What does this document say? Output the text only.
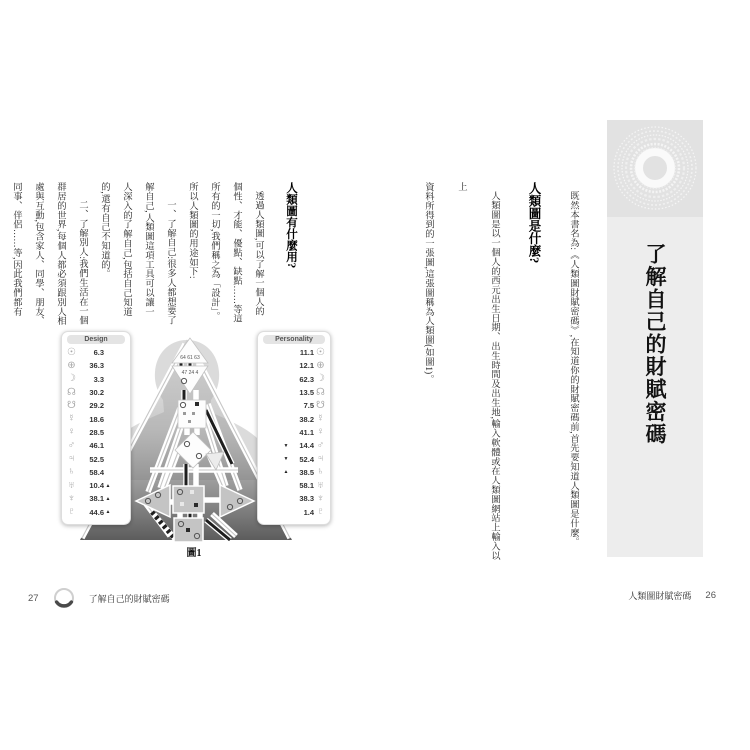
了解自己的財賦密碼
既然本書名為:《人類圖財賦密碼》,在知道你的財賦密碼前,首先要知道人類圖是什麼。
人類圖是什麼?
人類圖是以一個人的西元出生日期、出生時間及出生地,輸入軟體或在人類圖網站上輸入以上
資料所得到的一張圖,這張圖稱為人類圖(如圖1)。
人類圖有什麼用?
透過人類圖,可以了解一個人的
個性、才能、優點、缺點……等這
所有的一切,我們稱之為「設計」。
所以人類圖的用途如下:
一、了解自己:很多人都想要了
解自己,人類圖這項工具可以讓一
人深入的了解自己,包括自己知道
的,還有自己不知道的。
二、了解別人:我們生活在一個
群居的世界,每個人都必須跟別人相
處與互動,包含家人、同學、朋友、
同事、伴侶……等,因此我們都有
64 61 63
47 24 4
Design
☉	6.3
⊕	36.3
☽	3.3
☊	30.2
☋	29.2
☿	18.6
♀	28.5
♂	46.1
♃	52.5
♄	58.4
♅	10.4 ▲
♆	38.1 ▲
♇	44.6 ▲
Personality
11.1 ☉
12.1 ⊕
62.3 ☽
13.5 ☊
7.5 ☋
38.2 ☿
41.1 ♀
▼	14.4 ♂
▼	52.4 ♃
▲	38.5 ♄
58.1 ♅
38.3 ♆
1.4 ♇
圖1
27	了解自己的財賦密碼	人類圖財賦密碼 26
